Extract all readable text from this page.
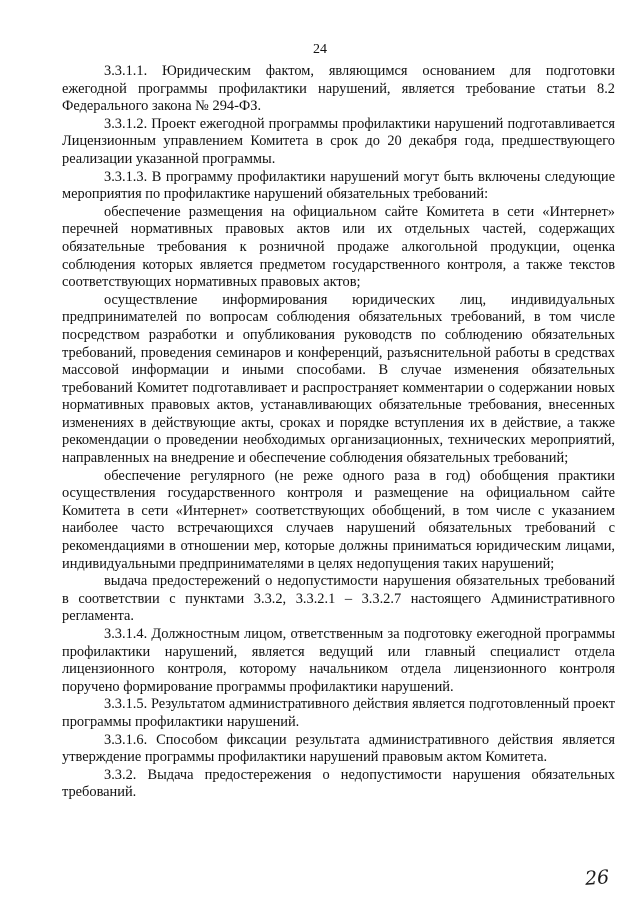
24

3.3.1.1. Юридическим фактом, являющимся основанием для подготовки ежегодной программы профилактики нарушений, является требование статьи 8.2 Федерального закона № 294-ФЗ.

3.3.1.2. Проект ежегодной программы профилактики нарушений подготавливается Лицензионным управлением Комитета в срок до 20 декабря года, предшествующего реализации указанной программы.

3.3.1.3. В программу профилактики нарушений могут быть включены следующие мероприятия по профилактике нарушений обязательных требований:

обеспечение размещения на официальном сайте Комитета в сети «Интернет» перечней нормативных правовых актов или их отдельных частей, содержащих обязательные требования к розничной продаже алкогольной продукции, оценка соблюдения которых является предметом государственного контроля, а также текстов соответствующих нормативных правовых актов;

осуществление информирования юридических лиц, индивидуальных предпринимателей по вопросам соблюдения обязательных требований, в том числе посредством разработки и опубликования руководств по соблюдению обязательных требований, проведения семинаров и конференций, разъяснительной работы в средствах массовой информации и иными способами. В случае изменения обязательных требований Комитет подготавливает и распространяет комментарии о содержании новых нормативных правовых актов, устанавливающих обязательные требования, внесенных изменениях в действующие акты, сроках и порядке вступления их в действие, а также рекомендации о проведении необходимых организационных, технических мероприятий, направленных на внедрение и обеспечение соблюдения обязательных требований;

обеспечение регулярного (не реже одного раза в год) обобщения практики осуществления государственного контроля и размещение на официальном сайте Комитета в сети «Интернет» соответствующих обобщений, в том числе с указанием наиболее часто встречающихся случаев нарушений обязательных требований с рекомендациями в отношении мер, которые должны приниматься юридическим лицами, индивидуальными предпринимателями в целях недопущения таких нарушений;

выдача предостережений о недопустимости нарушения обязательных требований в соответствии с пунктами 3.3.2, 3.3.2.1 – 3.3.2.7 настоящего Административного регламента.

3.3.1.4. Должностным лицом, ответственным за подготовку ежегодной программы профилактики нарушений, является ведущий или главный специалист отдела лицензионного контроля, которому начальником отдела лицензионного контроля поручено формирование программы профилактики нарушений.

3.3.1.5. Результатом административного действия является подготовленный проект программы профилактики нарушений.

3.3.1.6. Способом фиксации результата административного действия является утверждение программы профилактики нарушений правовым актом Комитета.

3.3.2. Выдача предостережения о недопустимости нарушения обязательных требований.

26
